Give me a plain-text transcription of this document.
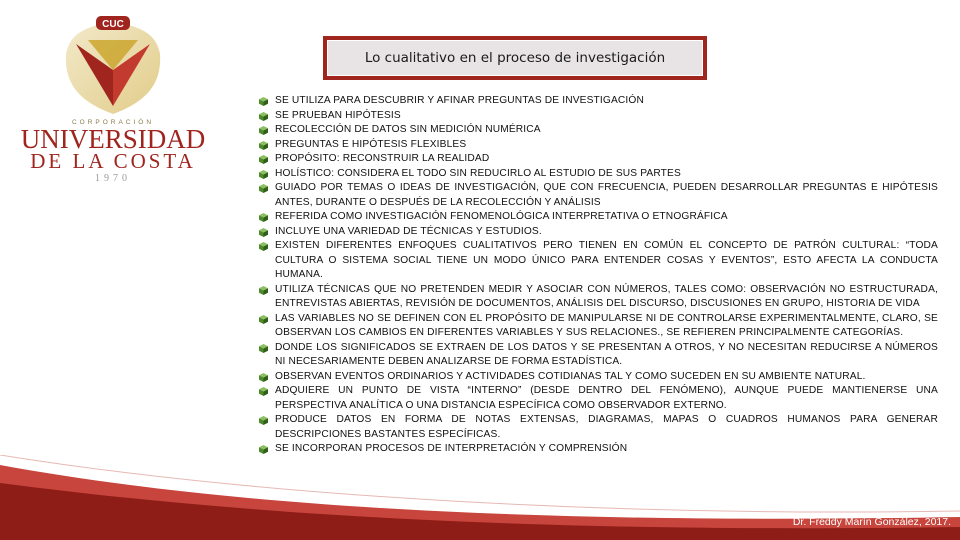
CUC
CORPORACIÓN
UNIVERSIDAD
DE LA COSTA
1970
Lo cualitativo en el proceso de investigación
SE UTILIZA PARA DESCUBRIR Y AFINAR PREGUNTAS DE INVESTIGACIÓN
SE PRUEBAN HIPÓTESIS
RECOLECCIÓN DE DATOS SIN MEDICIÓN NUMÉRICA
PREGUNTAS E HIPÓTESIS FLEXIBLES
PROPÓSITO: RECONSTRUIR LA REALIDAD
HOLÍSTICO: CONSIDERA EL TODO SIN REDUCIRLO AL ESTUDIO DE SUS PARTES
GUIADO POR TEMAS O IDEAS DE INVESTIGACIÓN, QUE CON FRECUENCIA, PUEDEN DESARROLLAR PREGUNTAS E HIPÓTESIS ANTES, DURANTE O DESPUÉS DE LA RECOLECCIÓN Y ANÁLISIS
REFERIDA COMO INVESTIGACIÓN FENOMENOLÓGICA INTERPRETATIVA O ETNOGRÁFICA
INCLUYE UNA VARIEDAD DE TÉCNICAS Y ESTUDIOS.
EXISTEN DIFERENTES ENFOQUES CUALITATIVOS PERO TIENEN EN COMÚN EL CONCEPTO DE PATRÓN CULTURAL: “TODA CULTURA O SISTEMA SOCIAL TIENE UN MODO ÚNICO PARA ENTENDER COSAS Y EVENTOS”, ESTO AFECTA LA CONDUCTA HUMANA.
UTILIZA TÉCNICAS QUE NO PRETENDEN MEDIR Y ASOCIAR CON NÚMEROS, TALES COMO: OBSERVACIÓN NO ESTRUCTURADA, ENTREVISTAS ABIERTAS, REVISIÓN DE DOCUMENTOS, ANÁLISIS DEL DISCURSO, DISCUSIONES EN GRUPO, HISTORIA DE VIDA
LAS VARIABLES NO SE DEFINEN CON EL PROPÓSITO DE MANIPULARSE NI DE CONTROLARSE EXPERIMENTALMENTE, CLARO, SE OBSERVAN LOS CAMBIOS EN DIFERENTES VARIABLES Y SUS RELACIONES., SE REFIEREN PRINCIPALMENTE CATEGORÍAS.
DONDE LOS SIGNIFICADOS SE EXTRAEN DE LOS DATOS Y SE PRESENTAN A OTROS, Y NO NECESITAN REDUCIRSE A NÚMEROS NI NECESARIAMENTE DEBEN ANALIZARSE DE FORMA ESTADÍSTICA.
OBSERVAN EVENTOS ORDINARIOS Y ACTIVIDADES COTIDIANAS TAL Y COMO SUCEDEN EN SU AMBIENTE NATURAL.
ADQUIERE UN PUNTO DE VISTA “INTERNO” (DESDE DENTRO DEL FENÓMENO), AUNQUE PUEDE MANTIENERSE UNA PERSPECTIVA ANALÍTICA O UNA DISTANCIA ESPECÍFICA COMO OBSERVADOR EXTERNO.
PRODUCE DATOS EN FORMA DE NOTAS EXTENSAS, DIAGRAMAS, MAPAS O CUADROS HUMANOS PARA GENERAR DESCRIPCIONES BASTANTES ESPECÍFICAS.
SE INCORPORAN PROCESOS DE INTERPRETACIÓN Y COMPRENSIÓN
Dr. Freddy Marín González, 2017.
